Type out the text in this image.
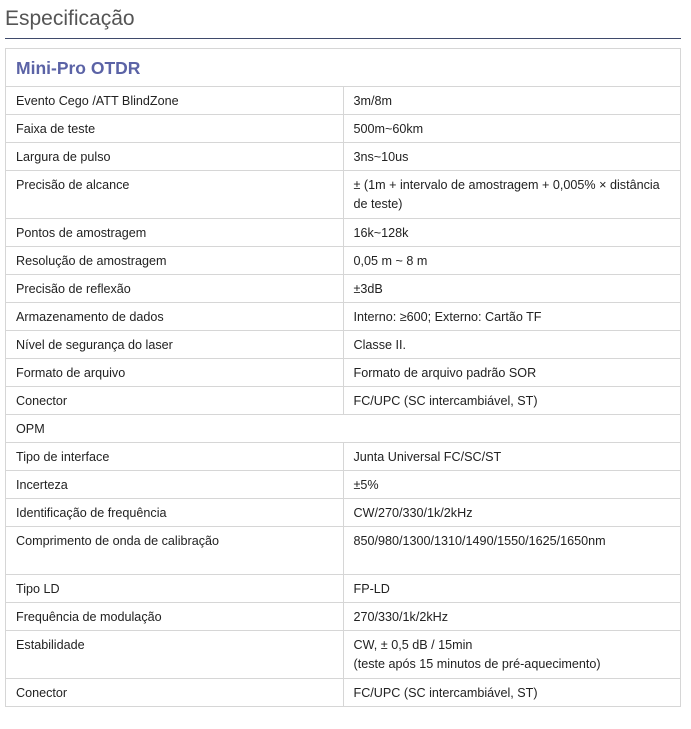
Especificação
Mini-Pro OTDR	
Evento Cego /ATT BlindZone	3m/8m
Faixa de teste	500m~60km
Largura de pulso	3ns~10us
Precisão de alcance	± (1m + intervalo de amostragem + 0,005% × distância de teste)
Pontos de amostragem	16k~128k
Resolução de amostragem	0,05 m ~ 8 m
Precisão de reflexão	±3dB
Armazenamento de dados	Interno: ≥600; Externo: Cartão TF
Nível de segurança do laser	Classe II.
Formato de arquivo	Formato de arquivo padrão SOR
Conector	FC/UPC (SC intercambiável, ST)
OPM	
Tipo de interface	Junta Universal FC/SC/ST
Incerteza	±5%
Identificação de frequência	CW/270/330/1k/2kHz
Comprimento de onda de calibração	850/980/1300/1310/1490/1550/1625/1650nm
Tipo LD	FP-LD
Frequência de modulação	270/330/1k/2kHz
Estabilidade	CW, ± 0,5 dB / 15min
(teste após 15 minutos de pré-aquecimento)

Conector	FC/UPC (SC intercambiável, ST)
